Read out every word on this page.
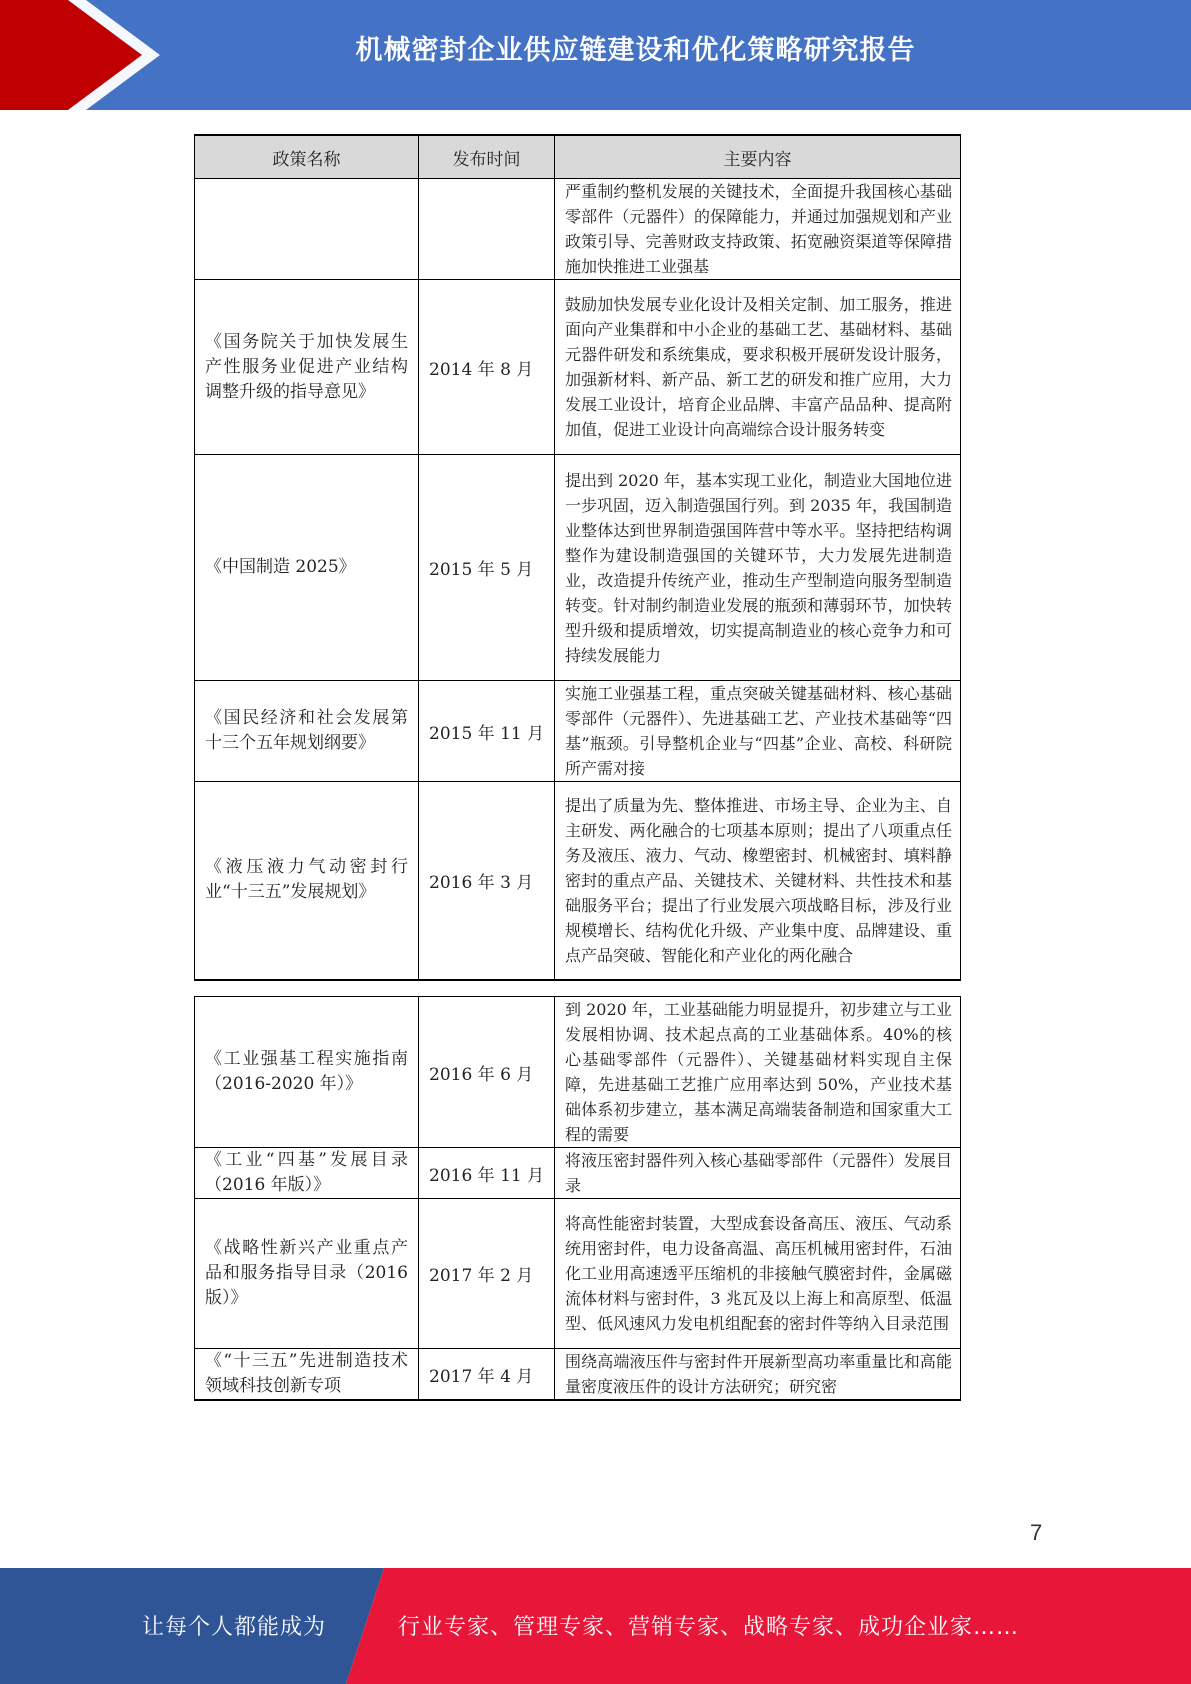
机械密封企业供应链建设和优化策略研究报告
政策名称	发布时间	主要内容
		严重制约整机发展的关键技术，全面提升我国核心基础零部件（元器件）的保障能力，并通过加强规划和产业政策引导、完善财政支持政策、拓宽融资渠道等保障措施加快推进工业强基
《国务院关于加快发展生产性服务业促进产业结构调整升级的指导意见》	2014 年 8 月	鼓励加快发展专业化设计及相关定制、加工服务，推进面向产业集群和中小企业的基础工艺、基础材料、基础元器件研发和系统集成，要求积极开展研发设计服务，加强新材料、新产品、新工艺的研发和推广应用，大力发展工业设计，培育企业品牌、丰富产品品种、提高附加值，促进工业设计向高端综合设计服务转变
《中国制造 2025》	2015 年 5 月	提出到 2020 年，基本实现工业化，制造业大国地位进一步巩固，迈入制造强国行列。到 2035 年，我国制造业整体达到世界制造强国阵营中等水平。坚持把结构调整作为建设制造强国的关键环节，大力发展先进制造业，改造提升传统产业，推动生产型制造向服务型制造转变。针对制约制造业发展的瓶颈和薄弱环节，加快转型升级和提质增效，切实提高制造业的核心竞争力和可持续发展能力
《国民经济和社会发展第十三个五年规划纲要》	2015 年 11 月	实施工业强基工程，重点突破关键基础材料、核心基础零部件（元器件）、先进基础工艺、产业技术基础等“四基”瓶颈。引导整机企业与“四基”企业、高校、科研院所产需对接
《液压液力气动密封行业“十三五”发展规划》	2016 年 3 月	提出了质量为先、整体推进、市场主导、企业为主、自主研发、两化融合的七项基本原则；提出了八项重点任务及液压、液力、气动、橡塑密封、机械密封、填料静密封的重点产品、关键技术、关键材料、共性技术和基础服务平台；提出了行业发展六项战略目标，涉及行业规模增长、结构优化升级、产业集中度、品牌建设、重点产品突破、智能化和产业化的两化融合
《工业强基工程实施指南（2016-2020 年）》	2016 年 6 月	到 2020 年，工业基础能力明显提升，初步建立与工业发展相协调、技术起点高的工业基础体系。40%的核心基础零部件（元器件）、关键基础材料实现自主保障，先进基础工艺推广应用率达到 50%，产业技术基础体系初步建立，基本满足高端装备制造和国家重大工程的需要
《工业“四基”发展目录（2016 年版）》	2016 年 11 月	将液压密封器件列入核心基础零部件（元器件）发展目录
《战略性新兴产业重点产品和服务指导目录（2016 版）》	2017 年 2 月	将高性能密封装置，大型成套设备高压、液压、气动系统用密封件，电力设备高温、高压机械用密封件，石油化工业用高速透平压缩机的非接触气膜密封件，金属磁流体材料与密封件，3 兆瓦及以上海上和高原型、低温型、低风速风力发电机组配套的密封件等纳入目录范围
《“十三五”先进制造技术领域科技创新专项	2017 年 4 月	围绕高端液压件与密封件开展新型高功率重量比和高能量密度液压件的设计方法研究；研究密
7
让每个人都能成为	行业专家、管理专家、营销专家、战略专家、成功企业家……
